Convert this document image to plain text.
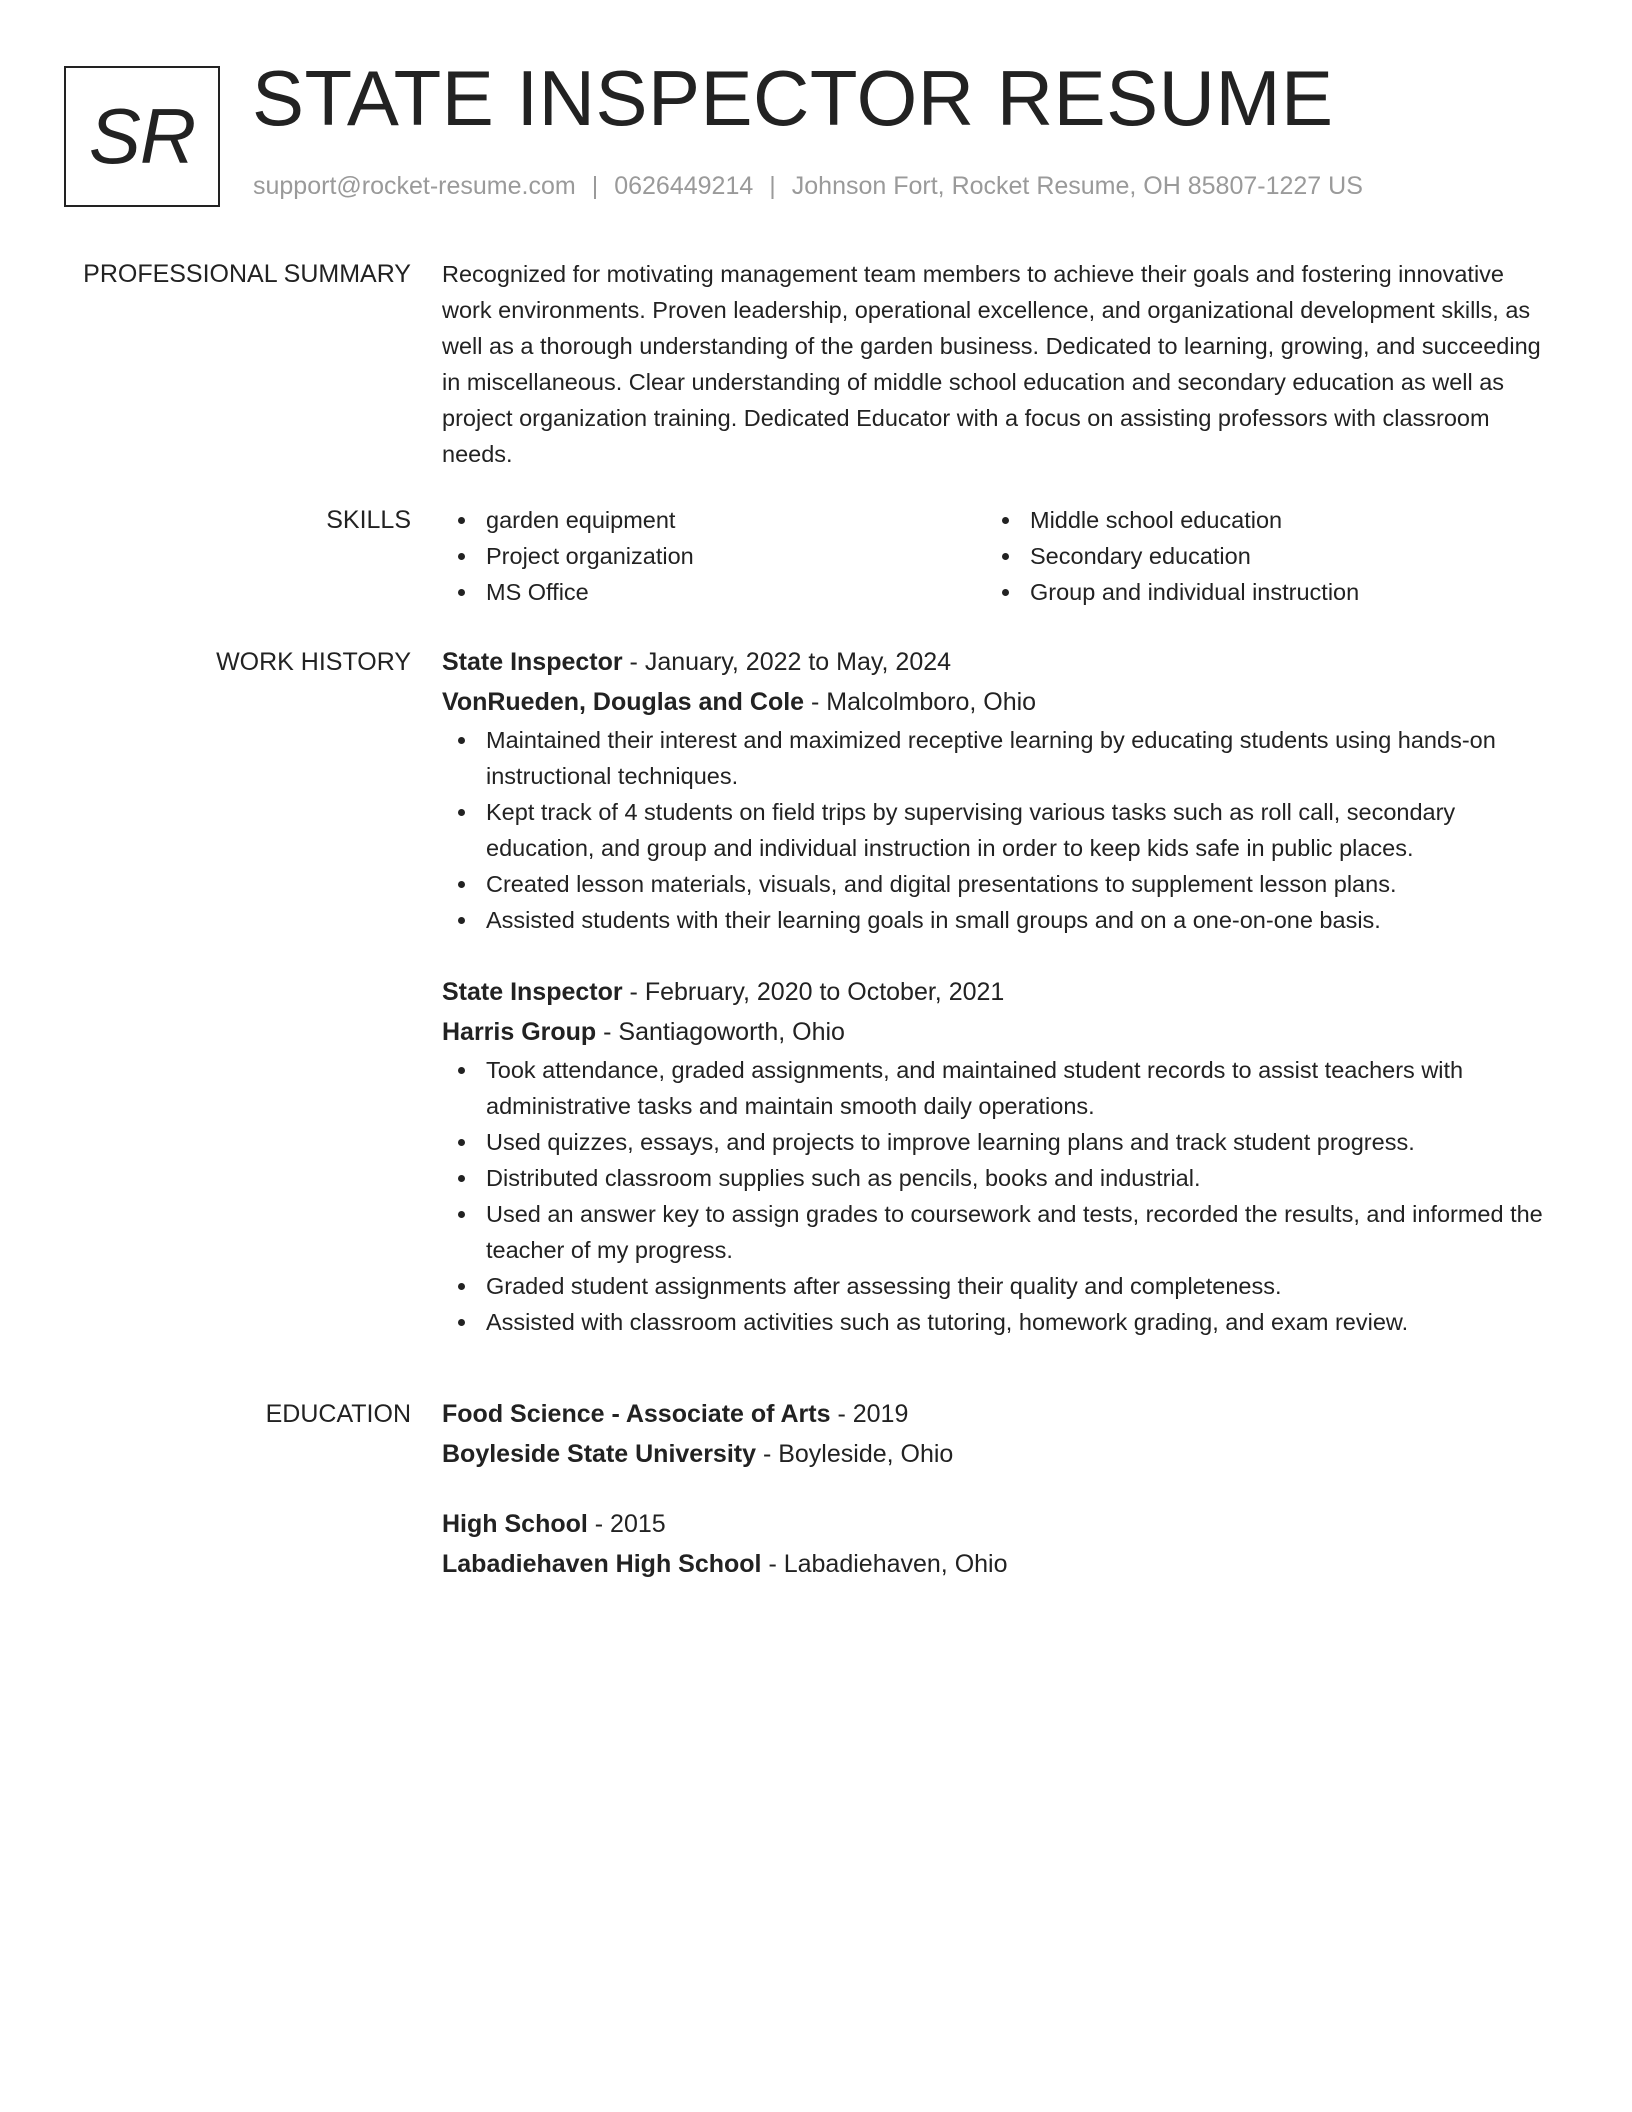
SR STATE INSPECTOR RESUME
support@rocket-resume.com | 0626449214 | Johnson Fort, Rocket Resume, OH 85807-1227 US
PROFESSIONAL SUMMARY Recognized for motivating management team members to achieve their goals and fostering innovative work environments. Proven leadership, operational excellence, and organizational development skills, as well as a thorough understanding of the garden business. Dedicated to learning, growing, and succeeding in miscellaneous. Clear understanding of middle school education and secondary education as well as project organization training. Dedicated Educator with a focus on assisting professors with classroom needs.

SKILLS	garden equipment
Project organization
MS Office
Middle school education
Secondary education
Group and individual instruction
WORK HISTORY State Inspector - January, 2022 to May, 2024
VonRueden, Douglas and Cole - Malcolmboro, Ohio
Maintained their interest and maximized receptive learning by educating students using hands-on instructional techniques.
Kept track of 4 students on field trips by supervising various tasks such as roll call, secondary education, and group and individual instruction in order to keep kids safe in public places.
Created lesson materials, visuals, and digital presentations to supplement lesson plans.
Assisted students with their learning goals in small groups and on a one-on-one basis.
State Inspector - February, 2020 to October, 2021
Harris Group - Santiagoworth, Ohio
Took attendance, graded assignments, and maintained student records to assist teachers with administrative tasks and maintain smooth daily operations.
Used quizzes, essays, and projects to improve learning plans and track student progress.
Distributed classroom supplies such as pencils, books and industrial.
Used an answer key to assign grades to coursework and tests, recorded the results, and informed the teacher of my progress.
Graded student assignments after assessing their quality and completeness.
Assisted with classroom activities such as tutoring, homework grading, and exam review.
EDUCATION Food Science - Associate of Arts - 2019
Boyleside State University - Boyleside, Ohio
High School - 2015
Labadiehaven High School - Labadiehaven, Ohio
